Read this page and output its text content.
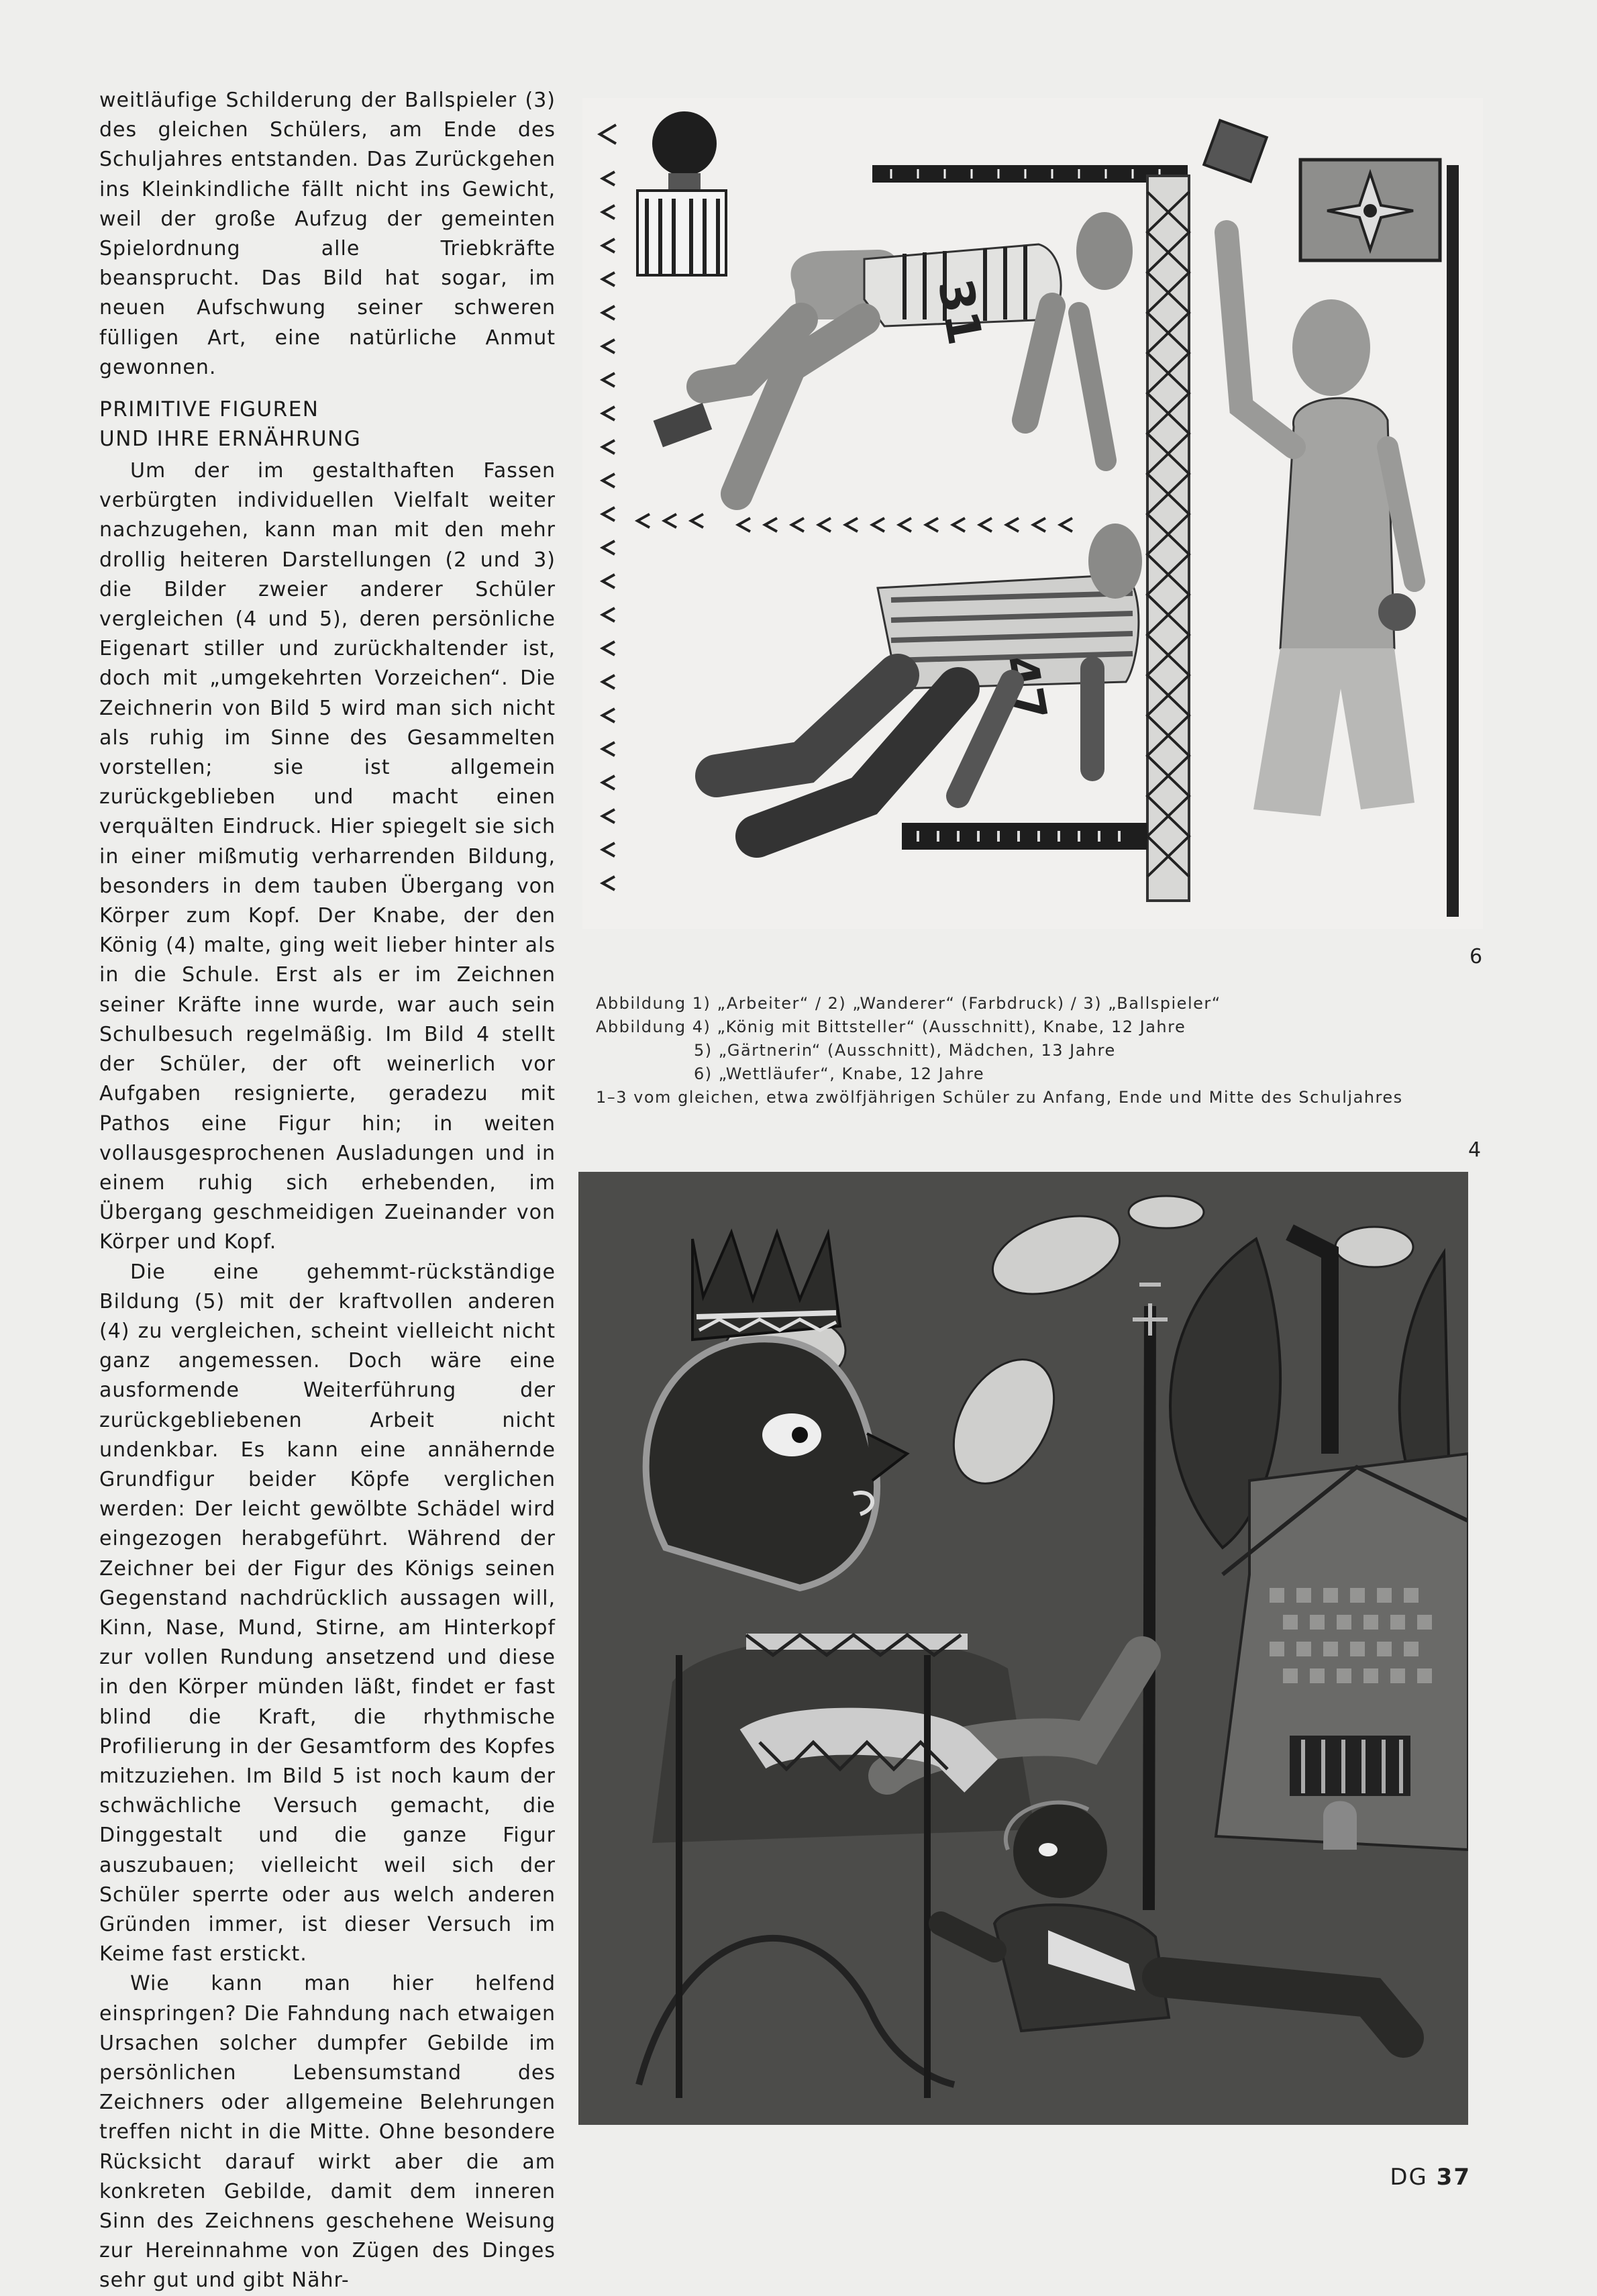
weitläufige Schilderung der Ballspieler (3) des gleichen Schülers, am Ende des Schuljahres entstanden. Das Zurückgehen ins Kleinkindliche fällt nicht ins Gewicht, weil der große Aufzug der gemeinten Spielordnung alle Triebkräfte beansprucht. Das Bild hat sogar, im neuen Aufschwung seiner schweren fülligen Art, eine natürliche Anmut gewonnen.

PRIMITIVE FIGUREN
UND IHRE ERNÄHRUNG

Um der im gestalthaften Fassen verbürgten individuellen Vielfalt weiter nachzugehen, kann man mit den mehr drollig heiteren Darstellungen (2 und 3) die Bilder zweier anderer Schüler vergleichen (4 und 5), deren persönliche Eigenart stiller und zurückhaltender ist, doch mit „umgekehrten Vorzeichen“. Die Zeichnerin von Bild 5 wird man sich nicht als ruhig im Sinne des Gesammelten vorstellen; sie ist allgemein zurückgeblieben und macht einen verquälten Eindruck. Hier spiegelt sie sich in einer mißmutig verharrenden Bildung, besonders in dem tauben Übergang von Körper zum Kopf. Der Knabe, der den König (4) malte, ging weit lieber hinter als in die Schule. Erst als er im Zeichnen seiner Kräfte inne wurde, war auch sein Schulbesuch regelmäßig. Im Bild 4 stellt der Schüler, der oft weinerlich vor Aufgaben resignierte, geradezu mit Pathos eine Figur hin; in weiten vollausgesprochenen Ausladungen und in einem ruhig sich erhebenden, im Übergang geschmeidigen Zueinander von Körper und Kopf.

Die eine gehemmt-rückständige Bildung (5) mit der kraftvollen anderen (4) zu vergleichen, scheint vielleicht nicht ganz angemessen. Doch wäre eine ausformende Weiterführung der zurückgebliebenen Arbeit nicht undenkbar. Es kann eine annähernde Grundfigur beider Köpfe verglichen werden: Der leicht gewölbte Schädel wird eingezogen herabgeführt. Während der Zeichner bei der Figur des Königs seinen Gegenstand nachdrücklich aussagen will, Kinn, Nase, Mund, Stirne, am Hinterkopf zur vollen Rundung ansetzend und diese in den Körper münden läßt, findet er fast blind die Kraft, die rhythmische Profilierung in der Gesamtform des Kopfes mitzuziehen. Im Bild 5 ist noch kaum der schwächliche Versuch gemacht, die Dinggestalt und die ganze Figur auszubauen; vielleicht weil sich der Schüler sperrte oder aus welch anderen Gründen immer, ist dieser Versuch im Keime fast erstickt.

Wie kann man hier helfend einspringen? Die Fahndung nach etwaigen Ursachen solcher dumpfer Gebilde im persönlichen Lebensumstand des Zeichners oder allgemeine Belehrungen treffen nicht in die Mitte. Ohne besondere Rücksicht darauf wirkt aber die am konkreten Gebilde, damit dem inneren Sinn des Zeichnens geschehene Weisung zur Hereinnahme von Zügen des Dinges sehr gut und gibt Nähr-

31
47
6
Abbildung 1) „Arbeiter“ / 2) „Wanderer“ (Farbdruck) / 3) „Ballspieler“
Abbildung 4) „König mit Bittsteller“ (Ausschnitt), Knabe, 12 Jahre
5) „Gärtnerin“ (Ausschnitt), Mädchen, 13 Jahre
6) „Wettläufer“, Knabe, 12 Jahre
1–3 vom gleichen, etwa zwölfjährigen Schüler zu Anfang, Ende und Mitte des Schuljahres
4
DG 37
